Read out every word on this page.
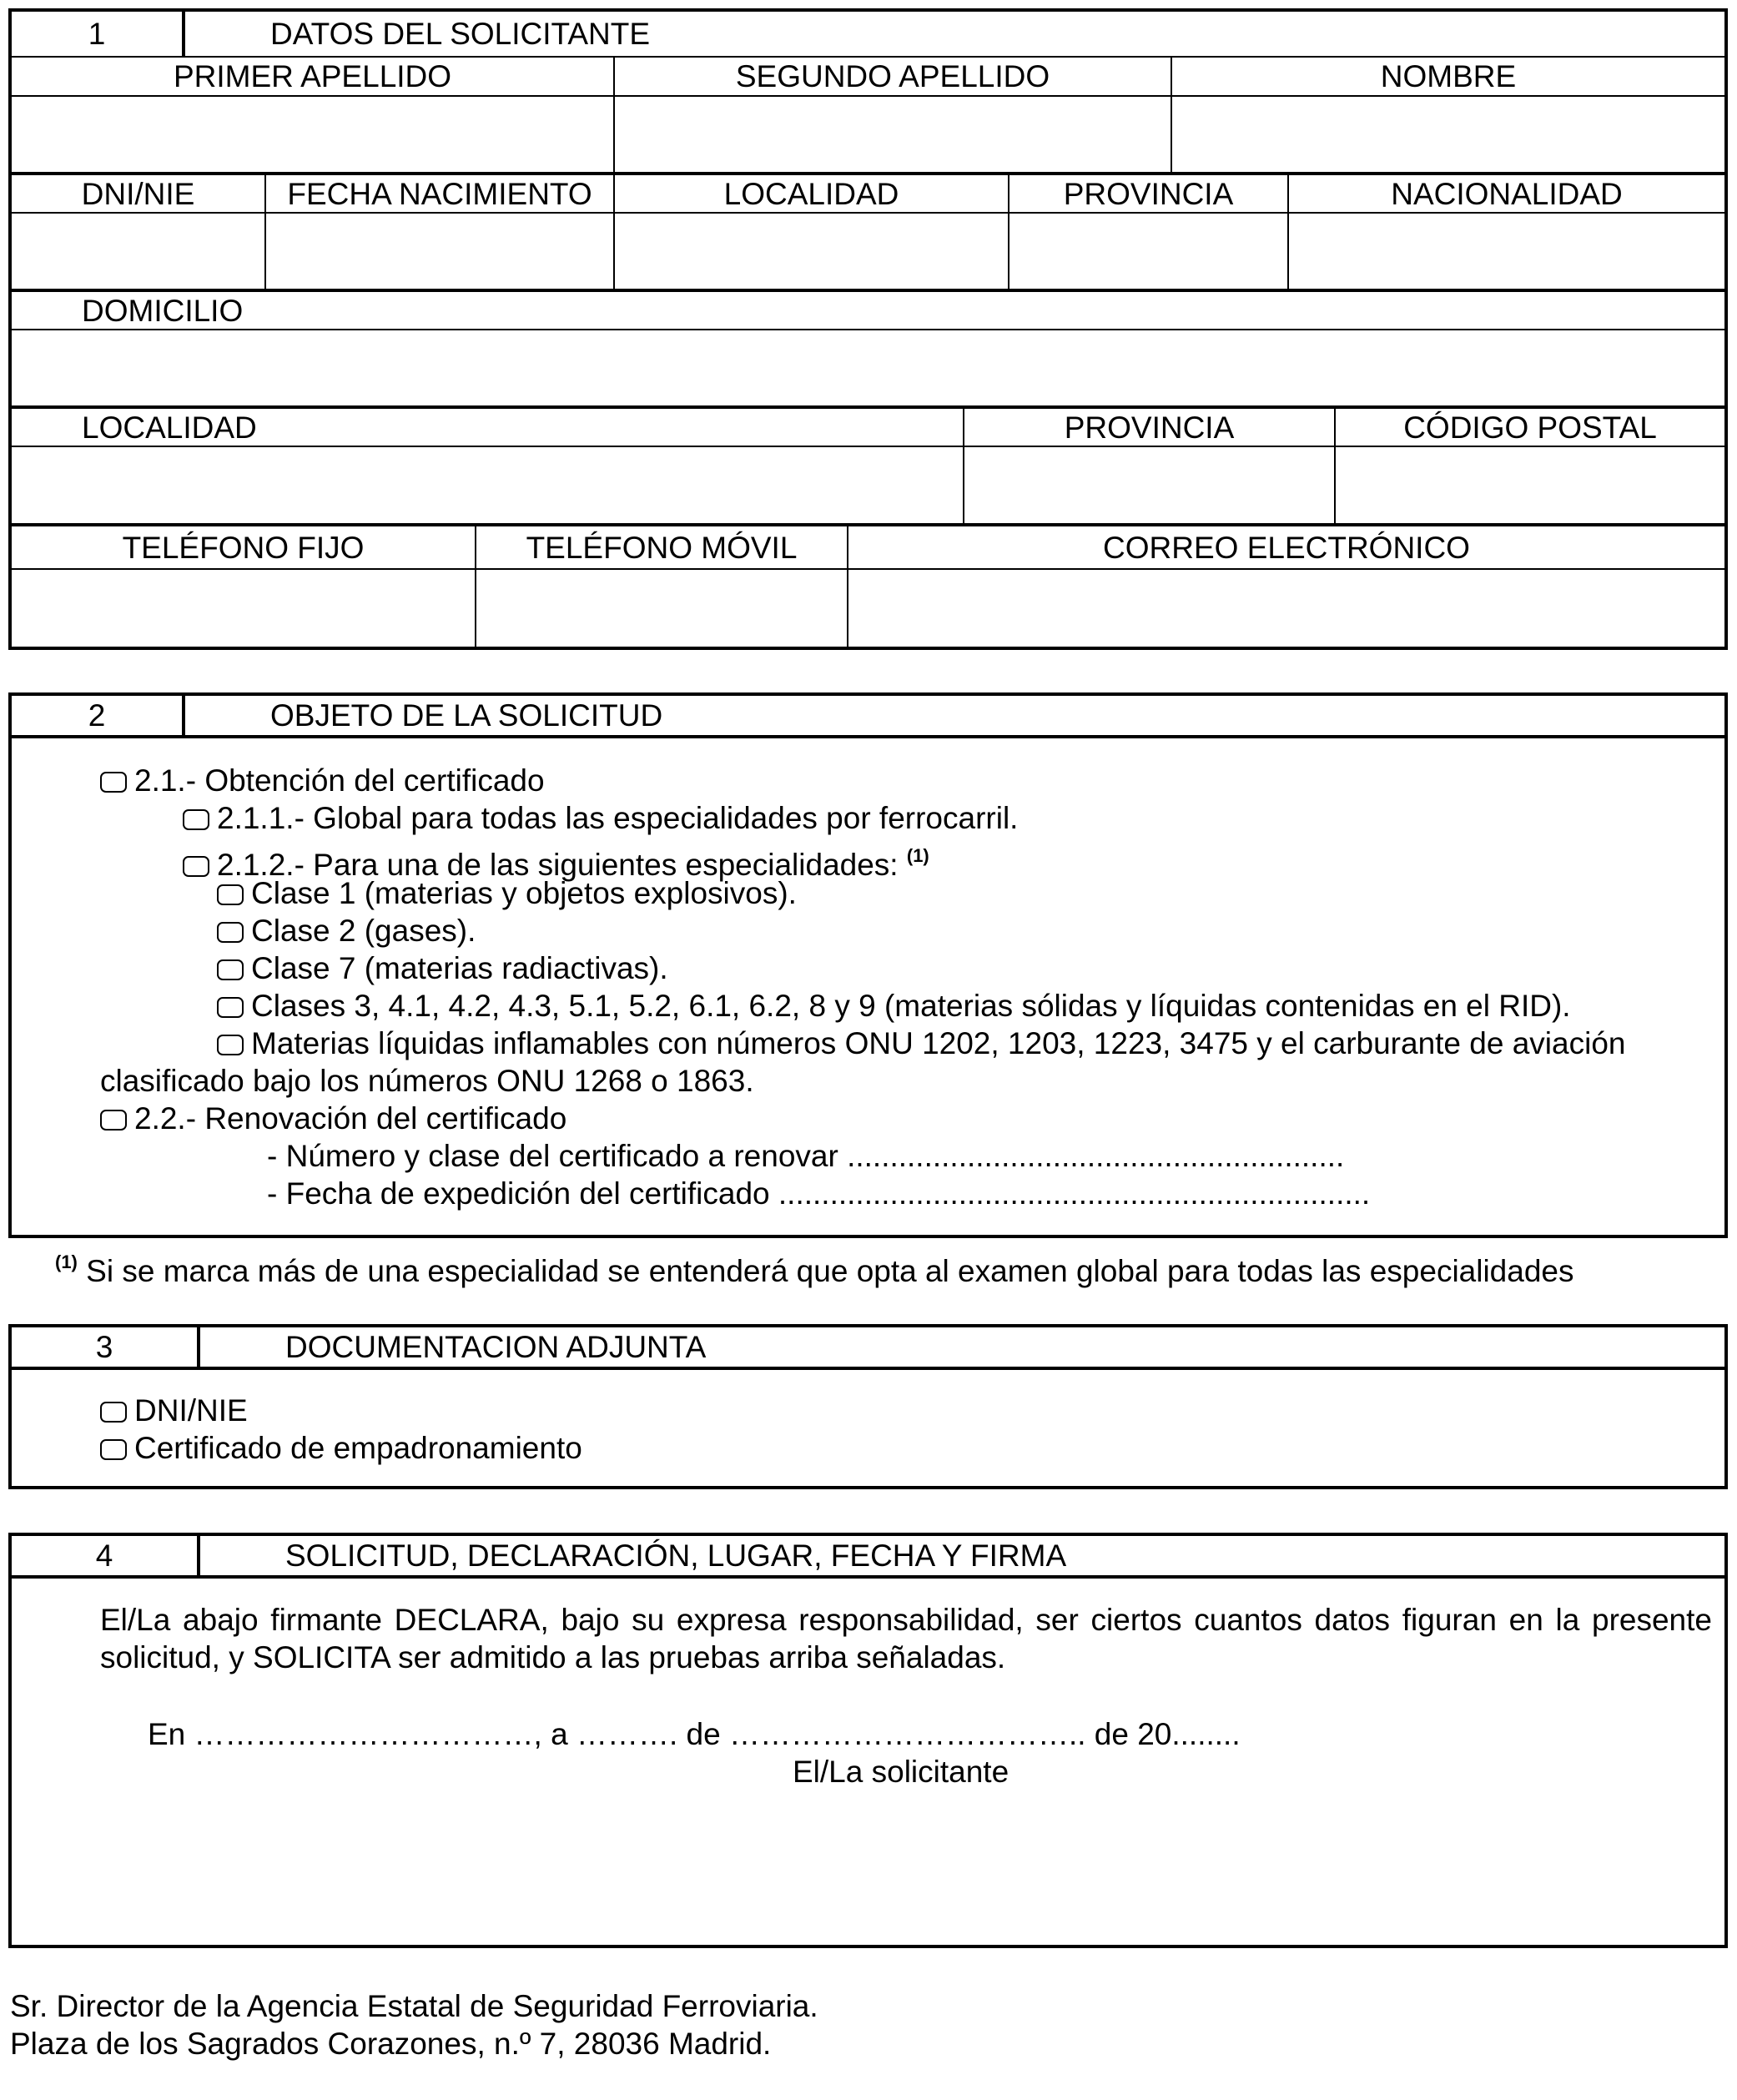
1	DATOS DEL SOLICITANTE
PRIMER APELLIDO	SEGUNDO APELLIDO	NOMBRE
DNI/NIE	FECHA NACIMIENTO	LOCALIDAD	PROVINCIA	NACIONALIDAD
DOMICILIO
LOCALIDAD	PROVINCIA	CÓDIGO POSTAL
TELÉFONO FIJO	TELÉFONO MÓVIL	CORREO ELECTRÓNICO
2	OBJETO DE LA SOLICITUD
2.1.- Obtención del certificado
2.1.1.- Global para todas las especialidades por ferrocarril.
2.1.2.- Para una de las siguientes especialidades: $^{(1)}$
Clase 1 (materias y objetos explosivos).
Clase 2 (gases).
Clase 7 (materias radiactivas).
Clases 3, 4.1, 4.2, 4.3, 5.1, 5.2, 6.1, 6.2, 8 y 9 (materias sólidas y líquidas contenidas en el RID).
Materias líquidas inflamables con números ONU 1202, 1203, 1223, 3475 y el carburante de aviación
clasificado bajo los números ONU 1268 o 1863.
2.2.- Renovación del certificado
- Número y clase del certificado a renovar ..........................................................
- Fecha de expedición del certificado .....................................................................
$^{(1)}$ Si se marca más de una especialidad se entenderá que opta al examen global para todas las especialidades
3	DOCUMENTACION ADJUNTA
DNI/NIE
Certificado de empadronamiento
4	SOLICITUD, DECLARACIÓN, LUGAR, FECHA Y FIRMA
El/La abajo firmante DECLARA, bajo su expresa responsabilidad, ser ciertos cuantos datos figuran en la presente solicitud, y SOLICITA ser admitido a las pruebas arriba señaladas.
En ……………………………, a ………. de …………………………….. de 20........
El/La solicitante
Sr. Director de la Agencia Estatal de Seguridad Ferroviaria.
Plaza de los Sagrados Corazones, n.º 7, 28036 Madrid.
